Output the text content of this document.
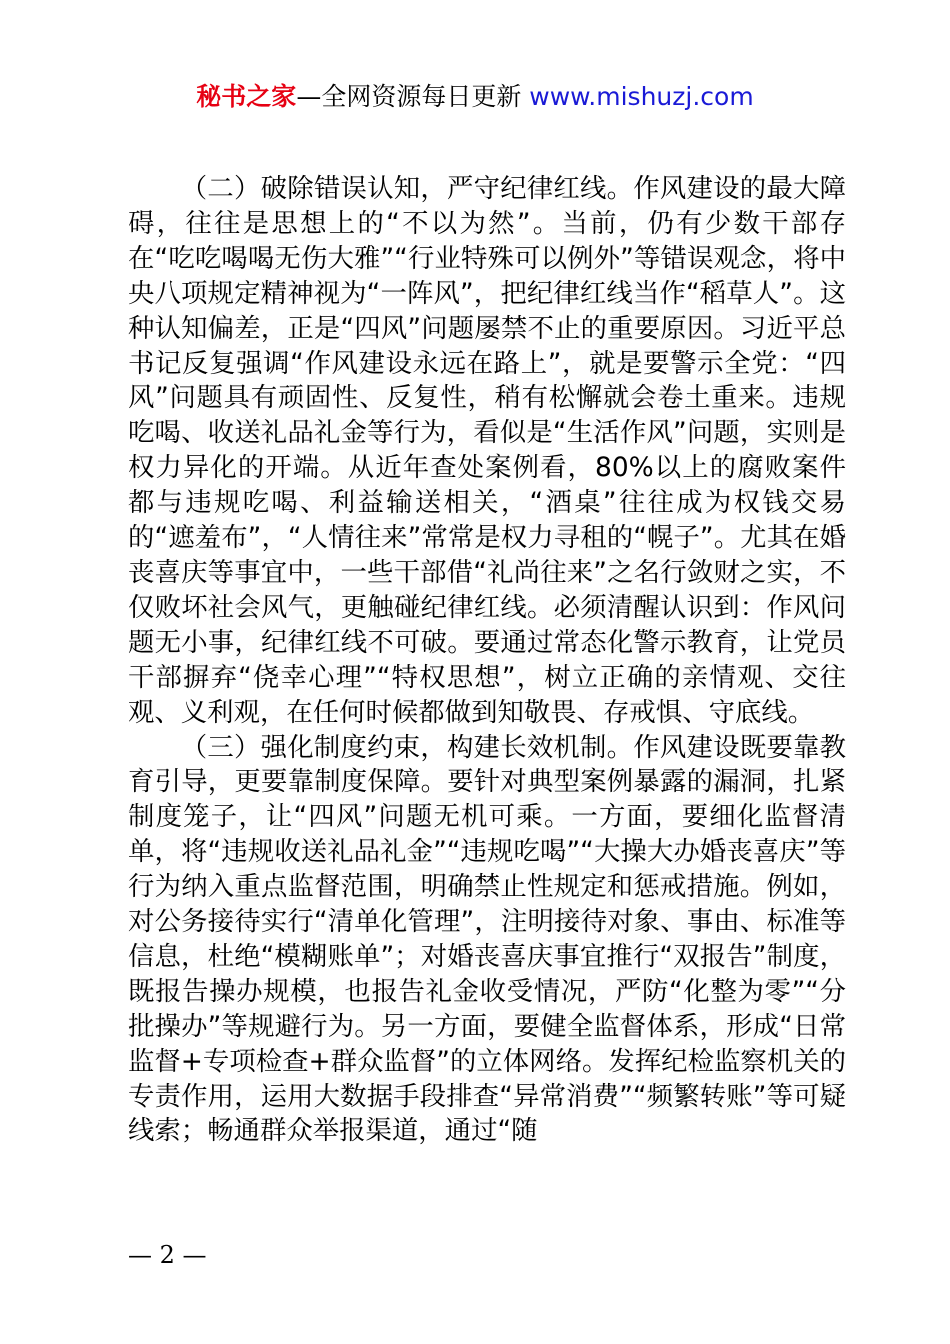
秘书之家—全网资源每日更新 www.mishuzj.com

（二）破除错误认知，严守纪律红线。作风建设的最大障碍，往往是思想上的“不以为然”。当前，仍有少数干部存在“吃吃喝喝无伤大雅”“行业特殊可以例外”等错误观念，将中央八项规定精神视为“一阵风”，把纪律红线当作“稻草人”。这种认知偏差，正是“四风”问题屡禁不止的重要原因。习近平总书记反复强调“作风建设永远在路上”，就是要警示全党：“四风”问题具有顽固性、反复性，稍有松懈就会卷土重来。违规吃喝、收送礼品礼金等行为，看似是“生活作风”问题，实则是权力异化的开端。从近年查处案例看，80%以上的腐败案件都与违规吃喝、利益输送相关，“酒桌”往往成为权钱交易的“遮羞布”，“人情往来”常常是权力寻租的“幌子”。尤其在婚丧喜庆等事宜中，一些干部借“礼尚往来”之名行敛财之实，不仅败坏社会风气，更触碰纪律红线。必须清醒认识到：作风问题无小事，纪律红线不可破。要通过常态化警示教育，让党员干部摒弃“侥幸心理”“特权思想”，树立正确的亲情观、交往观、义利观，在任何时候都做到知敬畏、存戒惧、守底线。

（三）强化制度约束，构建长效机制。作风建设既要靠教育引导，更要靠制度保障。要针对典型案例暴露的漏洞，扎紧制度笼子，让“四风”问题无机可乘。一方面，要细化监督清单，将“违规收送礼品礼金”“违规吃喝”“大操大办婚丧喜庆”等行为纳入重点监督范围，明确禁止性规定和惩戒措施。例如，对公务接待实行“清单化管理”，注明接待对象、事由、标准等信息，杜绝“模糊账单”；对婚丧喜庆事宜推行“双报告”制度，既报告操办规模，也报告礼金收受情况，严防“化整为零”“分批操办”等规避行为。另一方面，要健全监督体系，形成“日常监督+专项检查+群众监督”的立体网络。发挥纪检监察机关的专责作用，运用大数据手段排查“异常消费”“频繁转账”等可疑线索；畅通群众举报渠道，通过“随

— 2 —
